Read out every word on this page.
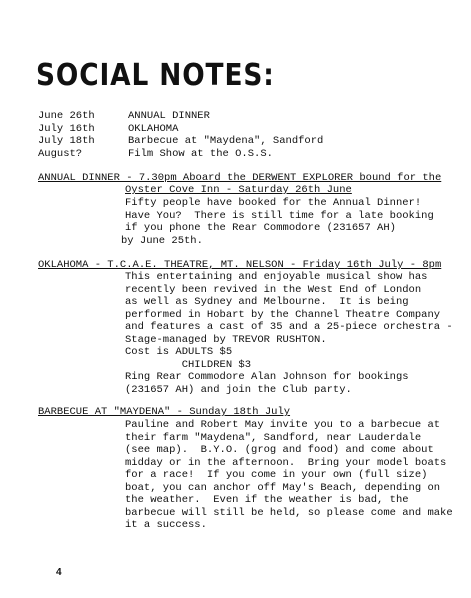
SOCIAL NOTES:
June 26th	ANNUAL DINNER
July 16th	OKLAHOMA
July 18th	Barbecue at "Maydena", Sandford
August?	Film Show at the O.S.S.
ANNUAL DINNER - 7.30pm Aboard the DERWENT EXPLORER bound for the
Oyster Cove Inn - Saturday 26th June
Fifty people have booked for the Annual Dinner!
Have You?  There is still time for a late booking
if you phone the Rear Commodore (231657 AH)
by June 25th.
OKLAHOMA - T.C.A.E. THEATRE, MT. NELSON - Friday 16th July - 8pm
This entertaining and enjoyable musical show has
recently been revived in the West End of London
as well as Sydney and Melbourne.  It is being
performed in Hobart by the Channel Theatre Company
and features a cast of 35 and a 25-piece orchestra -
Stage-managed by TREVOR RUSHTON.
Cost is ADULTS $5
CHILDREN $3
Ring Rear Commodore Alan Johnson for bookings
(231657 AH) and join the Club party.
BARBECUE AT "MAYDENA" - Sunday 18th July
Pauline and Robert May invite you to a barbecue at
their farm "Maydena", Sandford, near Lauderdale
(see map).  B.Y.O. (grog and food) and come about
midday or in the afternoon.  Bring your model boats
for a race!  If you come in your own (full size)
boat, you can anchor off May's Beach, depending on
the weather.  Even if the weather is bad, the
barbecue will still be held, so please come and make
it a success.
4
